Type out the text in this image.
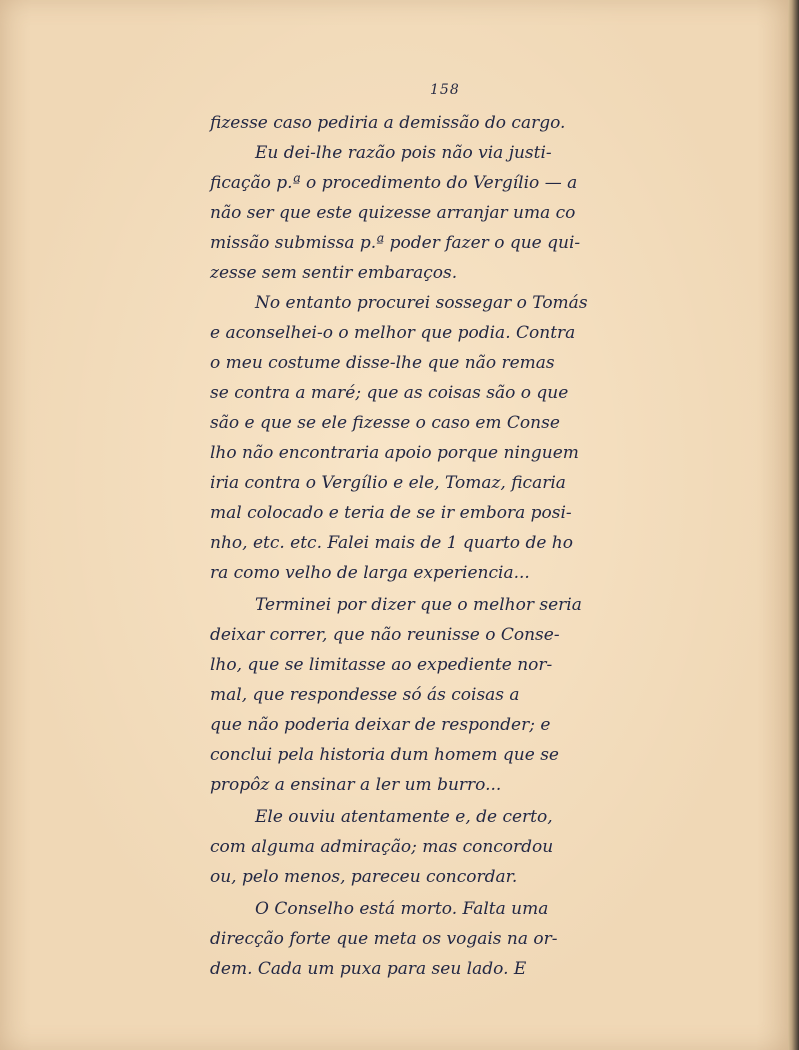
158
fizesse caso pediria a demissão do cargo.
Eu dei-lhe razão pois não via justi-
ficação p.ª o procedimento do Vergílio — a
não ser que este quizesse arranjar uma co
missão submissa p.ª poder fazer o que qui-
zesse sem sentir embaraços.
No entanto procurei sossegar o Tomás
e aconselhei-o o melhor que podia. Contra
o meu costume disse-lhe que não remas
se contra a maré; que as coisas são o que
são e que se ele fizesse o caso em Conse
lho não encontraria apoio porque ninguem
iria contra o Vergílio e ele, Tomaz, ficaria
mal colocado e teria de se ir embora posi-
nho, etc. etc. Falei mais de 1 quarto de ho
ra como velho de larga experiencia...
Terminei por dizer que o melhor seria
deixar correr, que não reunisse o Conse-
lho, que se limitasse ao expediente nor-
mal, que respondesse só ás coisas a
que não poderia deixar de responder; e
conclui pela historia dum homem que se
propôz a ensinar a ler um burro...
Ele ouviu atentamente e, de certo,
com alguma admiração; mas concordou
ou, pelo menos, pareceu concordar.
O Conselho está morto. Falta uma
direcção forte que meta os vogais na or-
dem. Cada um puxa para seu lado. E
